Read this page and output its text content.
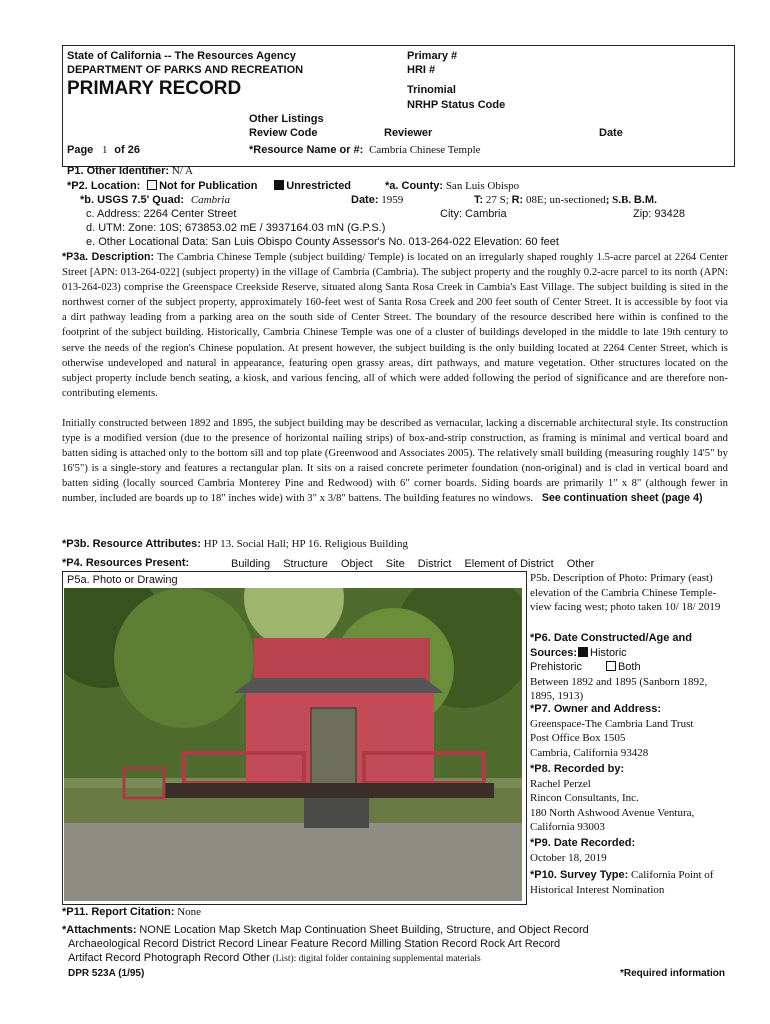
State of California -- The Resources Agency
DEPARTMENT OF PARKS AND RECREATION
PRIMARY RECORD
Primary #
HRI #
Trinomial
NRHP Status Code
Other Listings
Review Code	Reviewer	Date
Page 1 of 26	*Resource Name or #: Cambria Chinese Temple
P1. Other Identifier: N/ A
*P2. Location: Not for Publication	Unrestricted	*a. County: San Luis Obispo
*b. USGS 7.5' Quad: Cambria	Date: 1959	T: 27 S; R: 08E; un-sectioned; S.B. B.M.
c. Address: 2264 Center Street	City: Cambria	Zip: 93428
d. UTM: Zone: 10S; 673853.02 mE / 3937164.03 mN (G.P.S.)
e. Other Locational Data: San Luis Obispo County Assessor's No. 013-264-022 Elevation: 60 feet
*P3a. Description: The Cambria Chinese Temple (subject building/ Temple) is located on an irregularly shaped roughly 1.5-acre parcel at 2264 Center Street [APN: 013-264-022] (subject property) in the village of Cambria (Cambria). The subject property and the roughly 0.2-acre parcel to its north (APN: 013-264-023) comprise the Greenspace Creekside Reserve, situated along Santa Rosa Creek in Cambia's East Village. The subject building is sited in the northwest corner of the subject property, approximately 160-feet west of Santa Rosa Creek and 200 feet south of Center Street. It is accessible by foot via a dirt pathway leading from a parking area on the south side of Center Street. The boundary of the resource described here within is confined to the footprint of the subject building. Historically, Cambria Chinese Temple was one of a cluster of buildings developed in the middle to late 19th century to serve the needs of the region's Chinese population. At present however, the subject building is the only building located at 2264 Center Street, which is otherwise undeveloped and natural in appearance, featuring open grassy areas, dirt pathways, and mature vegetation. Other structures located on the subject property include bench seating, a kiosk, and various fencing, all of which were added following the period of significance and are therefore non-contributing elements.
Initially constructed between 1892 and 1895, the subject building may be described as vernacular, lacking a discernable architectural style. Its construction type is a modified version (due to the presence of horizontal nailing strips) of box-and-strip construction, as framing is minimal and vertical board and batten siding is attached only to the bottom sill and top plate (Greenwood and Associates 2005). The relatively small building (measuring roughly 14'5" by 16'5") is a single-story and features a rectangular plan. It sits on a raised concrete perimeter foundation (non-original) and is clad in vertical board and batten siding (locally sourced Cambria Monterey Pine and Redwood) with 6" corner boards. Siding boards are primarily 1" x 8" (although fewer in number, included are boards up to 18" inches wide) with 3" x 3/8" battens. The building features no windows. See continuation sheet (page 4)
*P3b. Resource Attributes: HP 13. Social Hall; HP 16. Religious Building
*P4. Resources Present:	Building Structure Object Site District Element of District Other
P5a. Photo or Drawing	P5b. Description of Photo: Primary (east) elevation of the Cambria Chinese Temple-view facing west; photo taken 10/ 18/ 2019
*P6. Date Constructed/Age and Sources:	Historic
Prehistoric	Both
Between 1892 and 1895 (Sanborn 1892, 1895, 1913)
*P7. Owner and Address:
Greenspace-The Cambria Land Trust
Post Office Box 1505
Cambria, California 93428
*P8. Recorded by:
Rachel Perzel
Rincon Consultants, Inc.
180 North Ashwood Avenue Ventura, California 93003
*P9. Date Recorded:
October 18, 2019
*P10. Survey Type: California Point of Historical Interest Nomination
*P11. Report Citation: None
*Attachments: NONE Location Map Sketch Map Continuation Sheet Building, Structure, and Object Record
Archaeological Record District Record Linear Feature Record Milling Station Record Rock Art Record
Artifact Record Photograph Record Other (List): digital folder containing supplemental materials
DPR 523A (1/95)	*Required information
